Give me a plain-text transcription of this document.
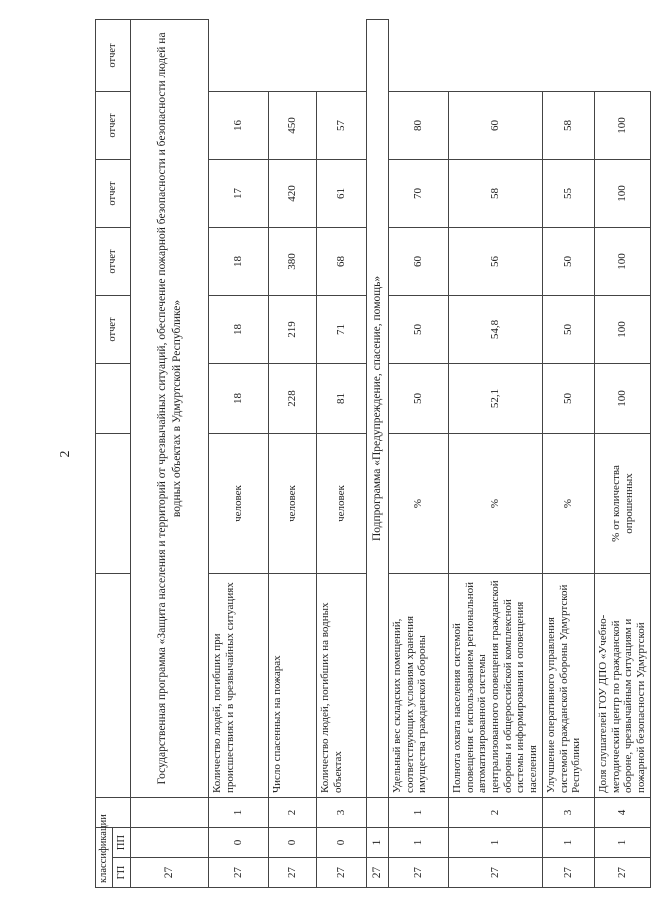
2
классификации						отчет	отчет	отчет	отчет	отчет
ГП	ПП									
27			Государственная программа «Защита населения и территорий от чрезвычайных ситуаций, обеспечение пожарной безопасности и безопасности людей на водных объектах в Удмуртской Республике»							
27	0	1	Количество людей, погибших при происшествиях и в чрезвычайных ситуациях	человек	18	18	18	17	16	
27	0	2	Число спасенных на пожарах	человек	228	219	380	420	450	
27	0	3	Количество людей, погибших на водных объектах	человек	81	71	68	61	57	
27	1		Подпрограмма «Предупреждение, спасение, помощь»							
27	1	1	Удельный вес складских помещений, соответствующих условиям хранения имущества гражданской обороны	%	50	50	60	70	80	
27	1	2	Полнота охвата населения системой оповещения с использованием региональной автоматизированной системы централизованного оповещения гражданской обороны и общероссийской комплексной системы информирования и оповещения населения	%	52,1	54,8	56	58	60	
27	1	3	Улучшение оперативного управления системой гражданской обороны Удмуртской Республики	%	50	50	50	55	58	
27	1	4	Доля слушателей ГОУ ДПО «Учебно-методический центр по гражданской обороне, чрезвычайным ситуациям и пожарной безопасности Удмуртской	% от количества опрошенных	100	100	100	100	100	
